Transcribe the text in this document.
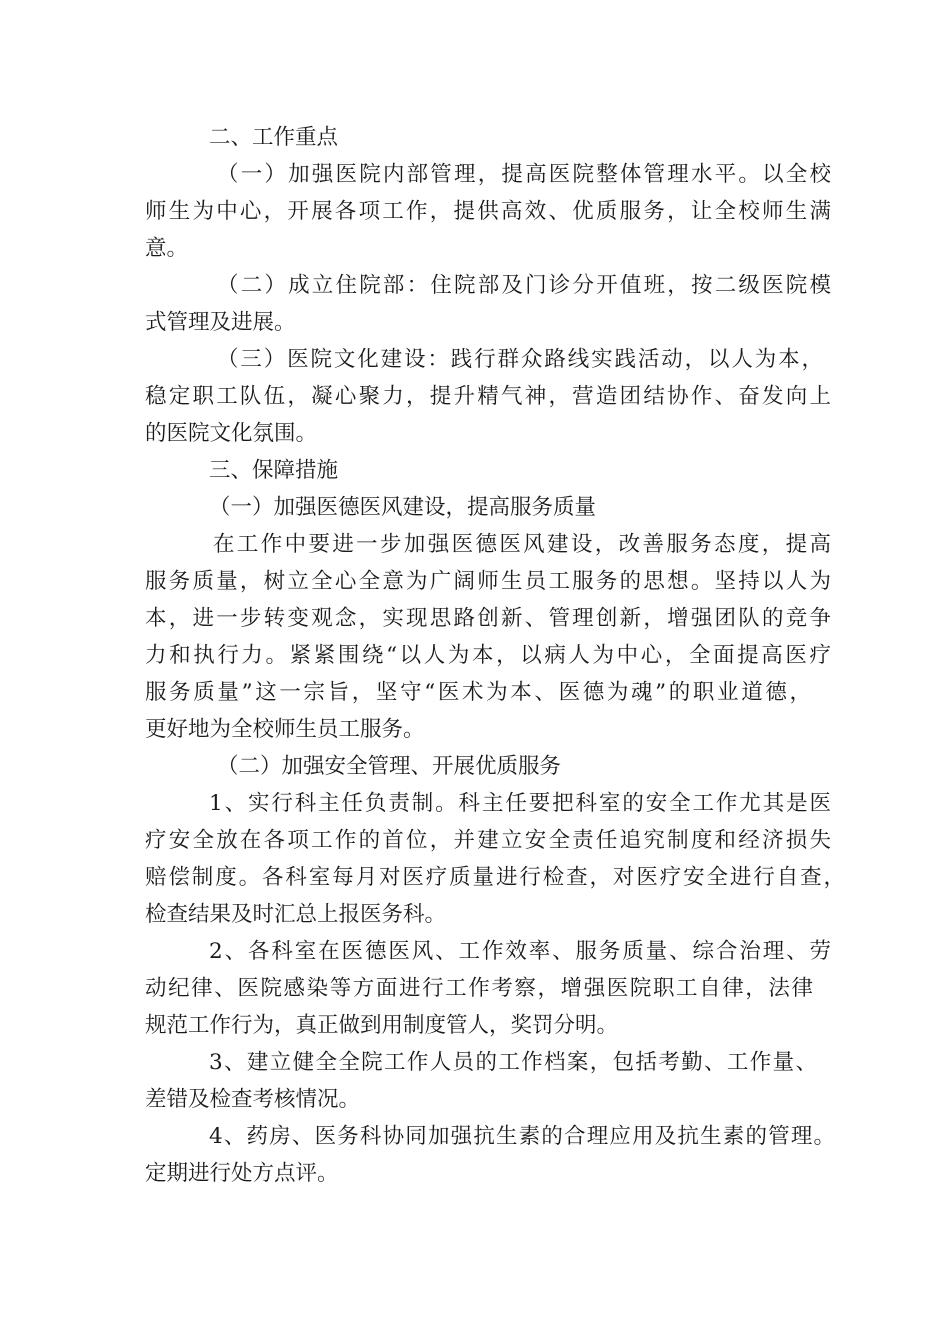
二、工作重点
（一）加强医院内部管理，提高医院整体管理水平。以全校
师生为中心，开展各项工作，提供高效、优质服务，让全校师生满
意。
（二）成立住院部：住院部及门诊分开值班，按二级医院模
式管理及进展。
（三）医院文化建设：践行群众路线实践活动，以人为本，
稳定职工队伍，凝心聚力，提升精气神，营造团结协作、奋发向上
的医院文化氛围。
三、保障措施
（一）加强医德医风建设，提高服务质量
在工作中要进一步加强医德医风建设，改善服务态度，提高
服务质量，树立全心全意为广阔师生员工服务的思想。坚持以人为
本，进一步转变观念，实现思路创新、管理创新，增强团队的竞争
力和执行力。紧紧围绕“以人为本，以病人为中心，全面提高医疗
服务质量”这一宗旨，坚守“医术为本、医德为魂”的职业道德，
更好地为全校师生员工服务。
（二）加强安全管理、开展优质服务
1、实行科主任负责制。科主任要把科室的安全工作尤其是医
疗安全放在各项工作的首位，并建立安全责任追究制度和经济损失
赔偿制度。各科室每月对医疗质量进行检查，对医疗安全进行自查，
检查结果及时汇总上报医务科。
2、各科室在医德医风、工作效率、服务质量、综合治理、劳
动纪律、医院感染等方面进行工作考察，增强医院职工自律，法律
规范工作行为，真正做到用制度管人，奖罚分明。
3、建立健全全院工作人员的工作档案，包括考勤、工作量、
差错及检查考核情况。
4、药房、医务科协同加强抗生素的合理应用及抗生素的管理。
定期进行处方点评。
